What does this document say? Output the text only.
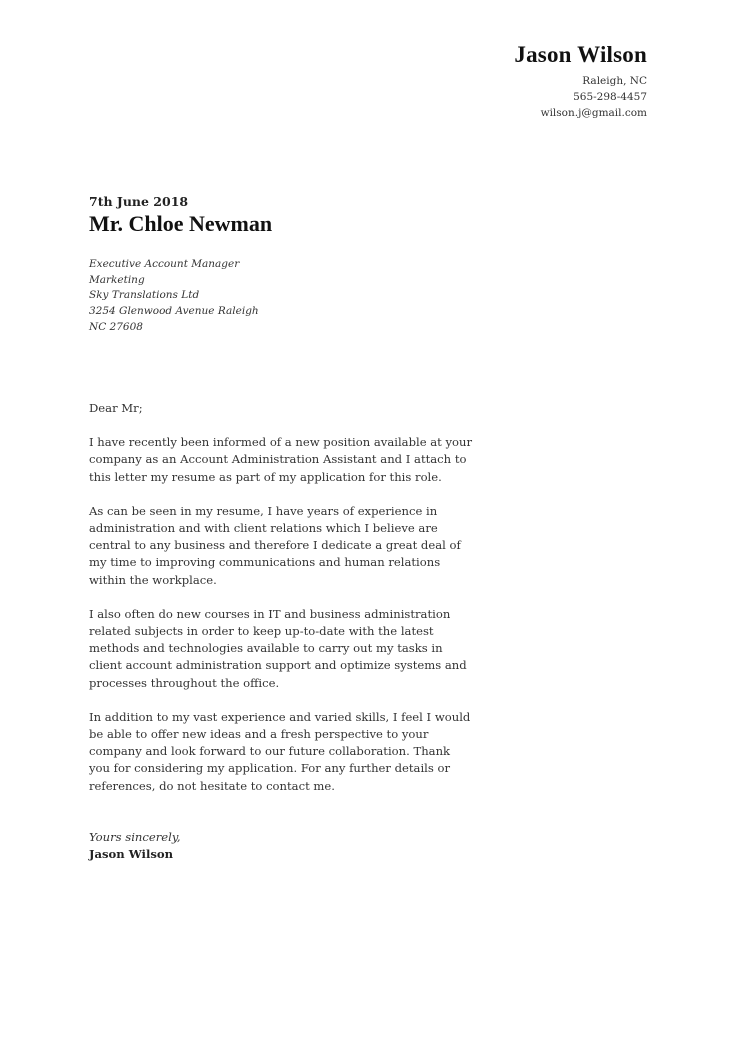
Jason Wilson
Raleigh, NC
565-298-4457
wilson.j@gmail.com
7th June 2018
Mr. Chloe Newman
Executive Account Manager
Marketing
Sky Translations Ltd
3254 Glenwood Avenue Raleigh
NC 27608
Dear Mr;

I have recently been informed of a new position available at your company as an Account Administration Assistant and I attach to this letter my resume as part of my application for this role.

As can be seen in my resume, I have years of experience in administration and with client relations which I believe are central to any business and therefore I dedicate a great deal of my time to improving communications and human relations within the workplace.

I also often do new courses in IT and business administration related subjects in order to keep up-to-date with the latest methods and technologies available to carry out my tasks in client account administration support and optimize systems and processes throughout the office.

In addition to my vast experience and varied skills, I feel I would be able to offer new ideas and a fresh perspective to your company and look forward to our future collaboration. Thank you for considering my application. For any further details or references, do not hesitate to contact me.

Yours sincerely,
Jason Wilson
